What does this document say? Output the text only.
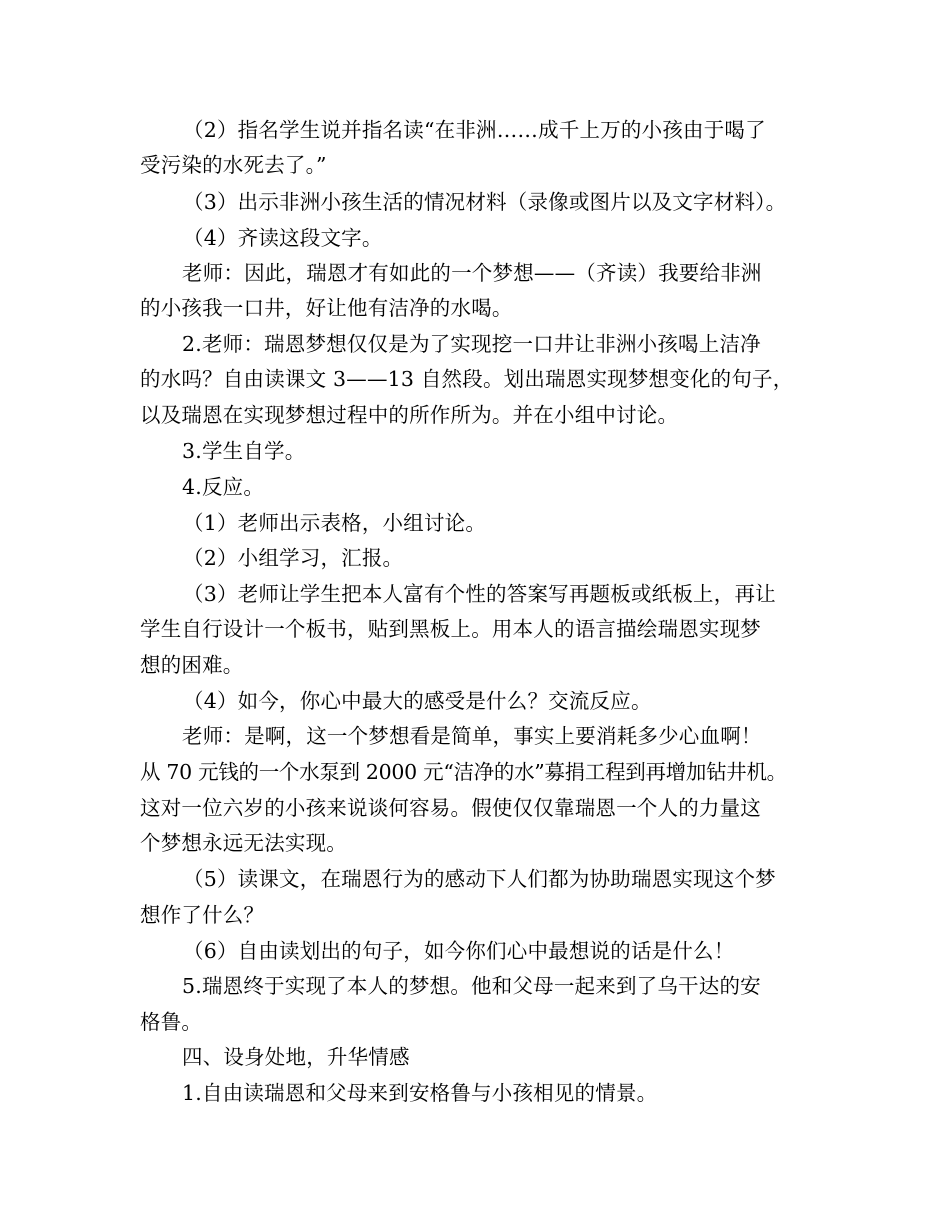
（2）指名学生说并指名读“在非洲……成千上万的小孩由于喝了
受污染的水死去了。”
（3）出示非洲小孩生活的情况材料（录像或图片以及文字材料）。
（4）齐读这段文字。
老师：因此，瑞恩才有如此的一个梦想——（齐读）我要给非洲
的小孩我一口井，好让他有洁净的水喝。
2.老师：瑞恩梦想仅仅是为了实现挖一口井让非洲小孩喝上洁净
的水吗？自由读课文 3——13 自然段。划出瑞恩实现梦想变化的句子，
以及瑞恩在实现梦想过程中的所作所为。并在小组中讨论。
3.学生自学。
4.反应。
（1）老师出示表格，小组讨论。
（2）小组学习，汇报。
（3）老师让学生把本人富有个性的答案写再题板或纸板上，再让
学生自行设计一个板书，贴到黑板上。用本人的语言描绘瑞恩实现梦
想的困难。
（4）如今，你心中最大的感受是什么？交流反应。
老师：是啊，这一个梦想看是简单，事实上要消耗多少心血啊！
从 70 元钱的一个水泵到 2000 元“洁净的水”募捐工程到再增加钻井机。
这对一位六岁的小孩来说谈何容易。假使仅仅靠瑞恩一个人的力量这
个梦想永远无法实现。
（5）读课文，在瑞恩行为的感动下人们都为协助瑞恩实现这个梦
想作了什么？
（6）自由读划出的句子，如今你们心中最想说的话是什么！
5.瑞恩终于实现了本人的梦想。他和父母一起来到了乌干达的安
格鲁。
四、设身处地，升华情感
1.自由读瑞恩和父母来到安格鲁与小孩相见的情景。
